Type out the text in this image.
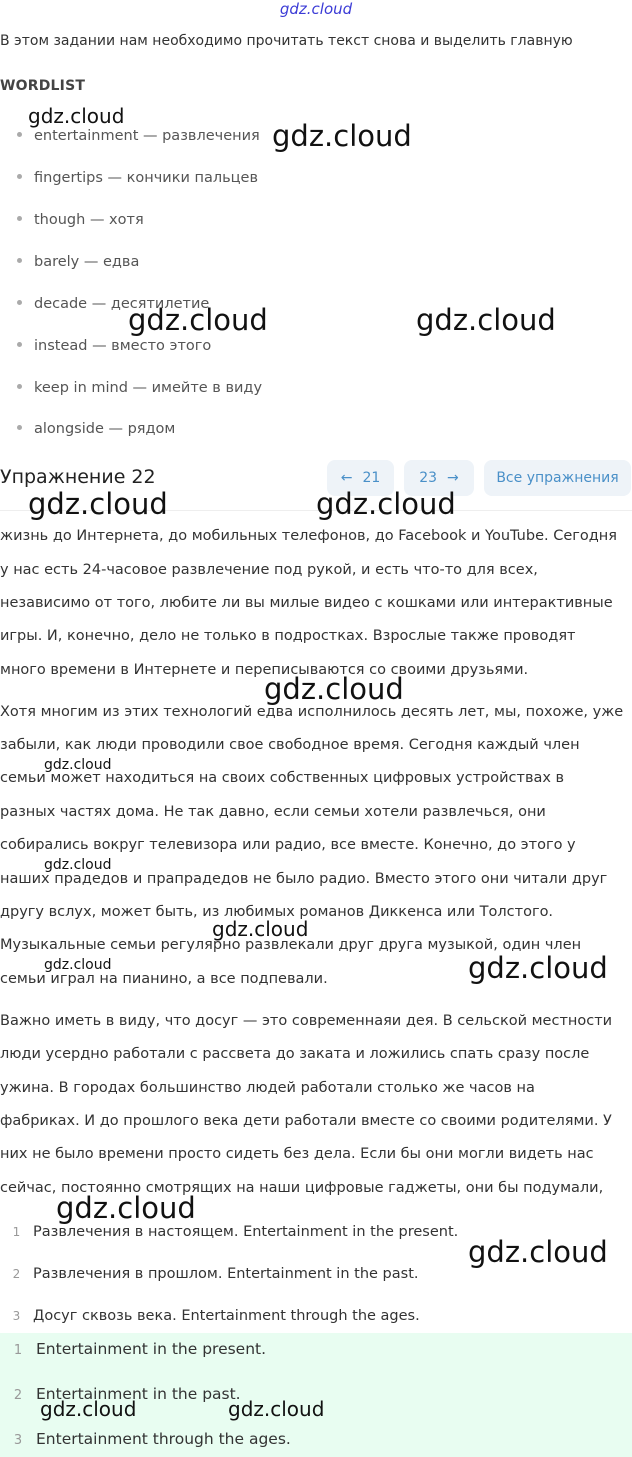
gdz.cloud
В этом задании нам необходимо прочитать текст снова и выделить главную
WORDLIST
entertainment — развлечения
fingertips — кончики пальцев
though — хотя
barely — едва
decade — десятилетие
instead — вместо этого
keep in mind — имейте в виду
alongside — рядом
Упражнение 22	← 21	23 →	Все упражнения
жизнь до Интернета, до мобильных телефонов, до Facebook и YouTube. Сегодня
у нас есть 24-часовое развлечение под рукой, и есть что-то для всех,
независимо от того, любите ли вы милые видео с кошками или интерактивные
игры. И, конечно, дело не только в подростках. Взрослые также проводят
много времени в Интернете и переписываются со своими друзьями.
Хотя многим из этих технологий едва исполнилось десять лет, мы, похоже, уже
забыли, как люди проводили свое свободное время. Сегодня каждый член
семьи может находиться на своих собственных цифровых устройствах в
разных частях дома. Не так давно, если семьи хотели развлечься, они
собирались вокруг телевизора или радио, все вместе. Конечно, до этого у
наших прадедов и прапрадедов не было радио. Вместо этого они читали друг
другу вслух, может быть, из любимых романов Диккенса или Толстого.
Музыкальные семьи регулярно развлекали друг друга музыкой, один член
семьи играл на пианино, а все подпевали.
Важно иметь в виду, что досуг — это современнаяи дея. В сельской местности
люди усердно работали с рассвета до заката и ложились спать сразу после
ужина. В городах большинство людей работали столько же часов на
фабриках. И до прошлого века дети работали вместе со своими родителями. У
них не было времени просто сидеть без дела. Если бы они могли видеть нас
сейчас, постоянно смотрящих на наши цифровые гаджеты, они бы подумали,
1 Развлечения в настоящем. Entertainment in the present.
2 Развлечения в прошлом. Entertainment in the past.
3 Досуг сквозь века. Entertainment through the ages.
1 Entertainment in the present.
2 Entertainment in the past.
3 Entertainment through the ages.
gdz.cloud
gdz.cloud
gdz.cloud	gdz.cloud
gdz.cloud	gdz.cloud
gdz.cloud
gdz.cloud
gdz.cloud
gdz.cloud
gdz.cloud	gdz.cloud
gdz.cloud
gdz.cloud
gdz.cloud	gdz.cloud
